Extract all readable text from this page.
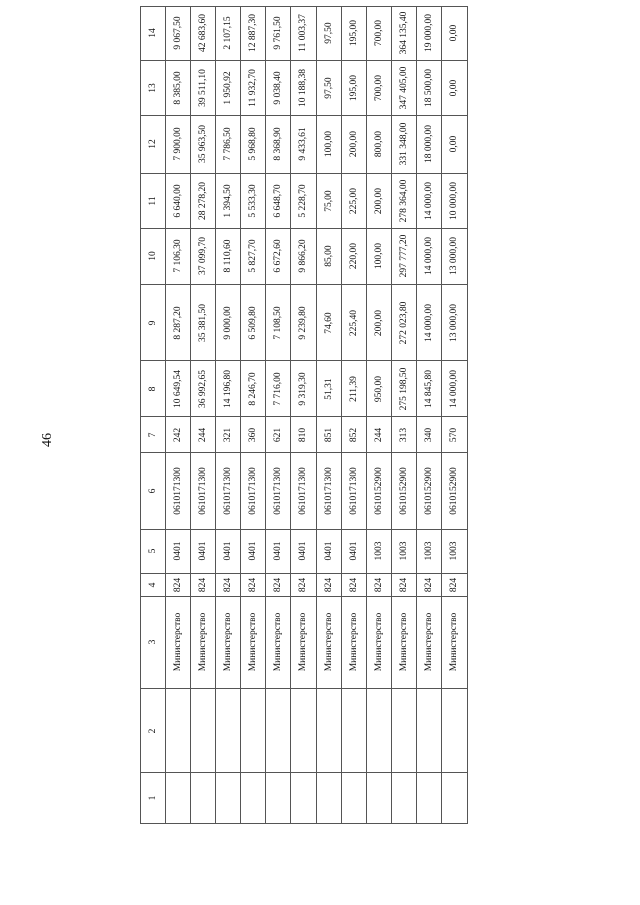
46
14
13
12
11
10
9
8
7
6
5
4
3
2
1
9 067,50
8 385,00
7 900,00
6 640,00
7 106,30
8 287,20
10 649,54
242
0610171300
0401
824
Министерство
42 683,60
39 511,10
35 963,50
28 278,20
37 099,70
35 381,50
36 992,65
244
0610171300
0401
824
Министерство
2 107,15
1 950,92
7 786,50
1 394,50
8 110,60
9 000,00
14 196,80
321
0610171300
0401
824
Министерство
12 887,30
11 932,70
5 968,80
5 533,30
5 827,70
6 509,80
8 246,70
360
0610171300
0401
824
Министерство
9 761,50
9 038,40
8 368,90
6 648,70
6 672,60
7 108,50
7 716,00
621
0610171300
0401
824
Министерство
11 003,37
10 188,38
9 433,61
5 228,70
9 866,20
9 239,80
9 319,30
810
0610171300
0401
824
Министерство
97,50
97,50
100,00
75,00
85,00
74,60
51,31
851
0610171300
0401
824
Министерство
195,00
195,00
200,00
225,00
220,00
225,40
211,39
852
0610171300
0401
824
Министерство
700,00
700,00
800,00
200,00
100,00
200,00
950,00
244
0610152900
1003
824
Министерство
364 135,40
347 405,00
331 348,00
278 364,00
297 777,20
272 023,80
275 198,50
313
0610152900
1003
824
Министерство
19 000,00
18 500,00
18 000,00
14 000,00
14 000,00
14 000,00
14 845,80
340
0610152900
1003
824
Министерство
0,00
0,00
0,00
10 000,00
13 000,00
13 000,00
14 000,00
570
0610152900
1003
824
Министерство
